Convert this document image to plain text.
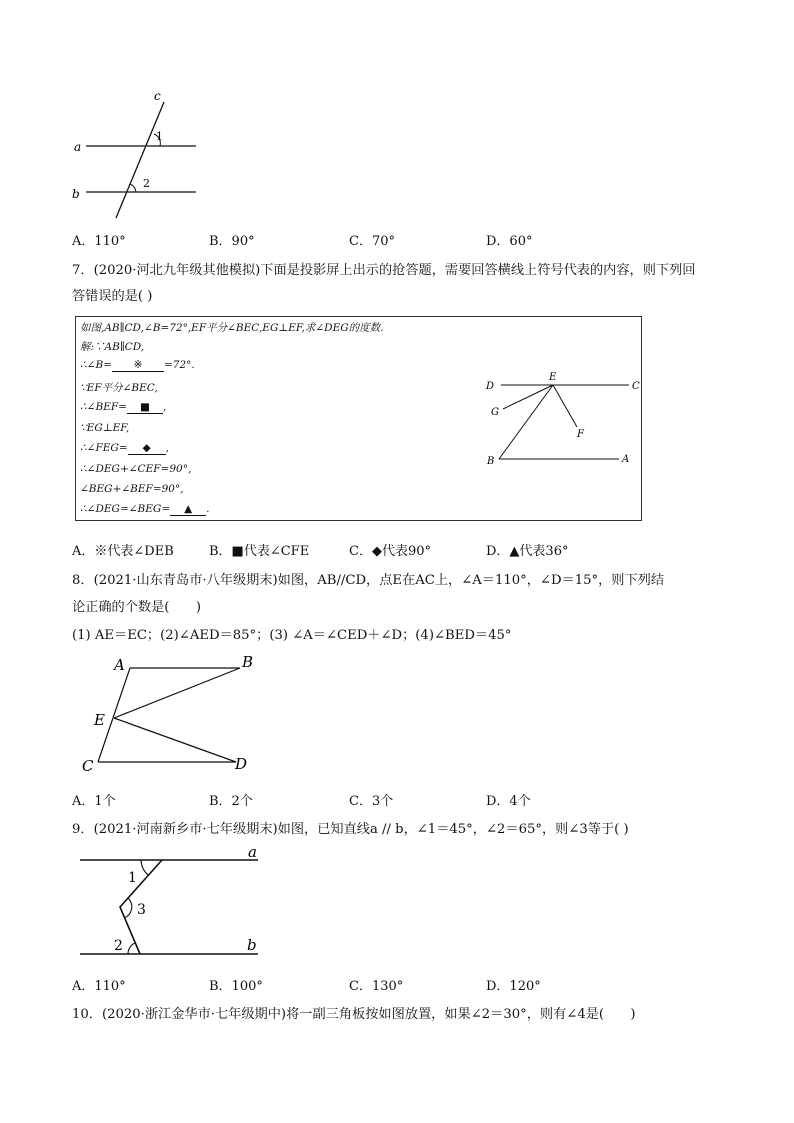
c
a
b
1
2
A．110°	B．90°	C．70°	D．60°
7．(2020·河北九年级其他模拟)下面是投影屏上出示的抢答题，需要回答横线上符号代表的内容，则下列回
答错误的是( )
如图,AB∥CD,∠B=72°,EF平分∠BEC,EG⊥EF,求∠DEG的度数.
解:∵AB∥CD,
∴∠B= ※ =72°.
∵EF平分∠BEC,
∴∠BEF= ■ ,
∵EG⊥EF,
∴∠FEG= ◆ ,
∴∠DEG+∠CEF=90°,
∠BEG+∠BEF=90°,
∴∠DEG=∠BEG= ▲ .
D
E
C
G
F
B	A
A．※代表∠DEB	B．■代表∠CFE	C．◆代表90°	D．▲代表36°
8．(2021·山东青岛市·八年级期末)如图，AB//CD，点E在AC上，∠A＝110°，∠D＝15°，则下列结
论正确的个数是(　　)
(1) AE＝EC；(2)∠AED＝85°；(3) ∠A＝∠CED＋∠D；(4)∠BED＝45°
A	B
E
C	D
A．1个	B．2个	C．3个	D．4个
9．(2021·河南新乡市·七年级期末)如图，已知直线a // b，∠1＝45°，∠2＝65°，则∠3等于( )
a
b
1
3
2
A．110°	B．100°	C．130°	D．120°
10．(2020·浙江金华市·七年级期中)将一副三角板按如图放置，如果∠2＝30°，则有∠4是(　　)
